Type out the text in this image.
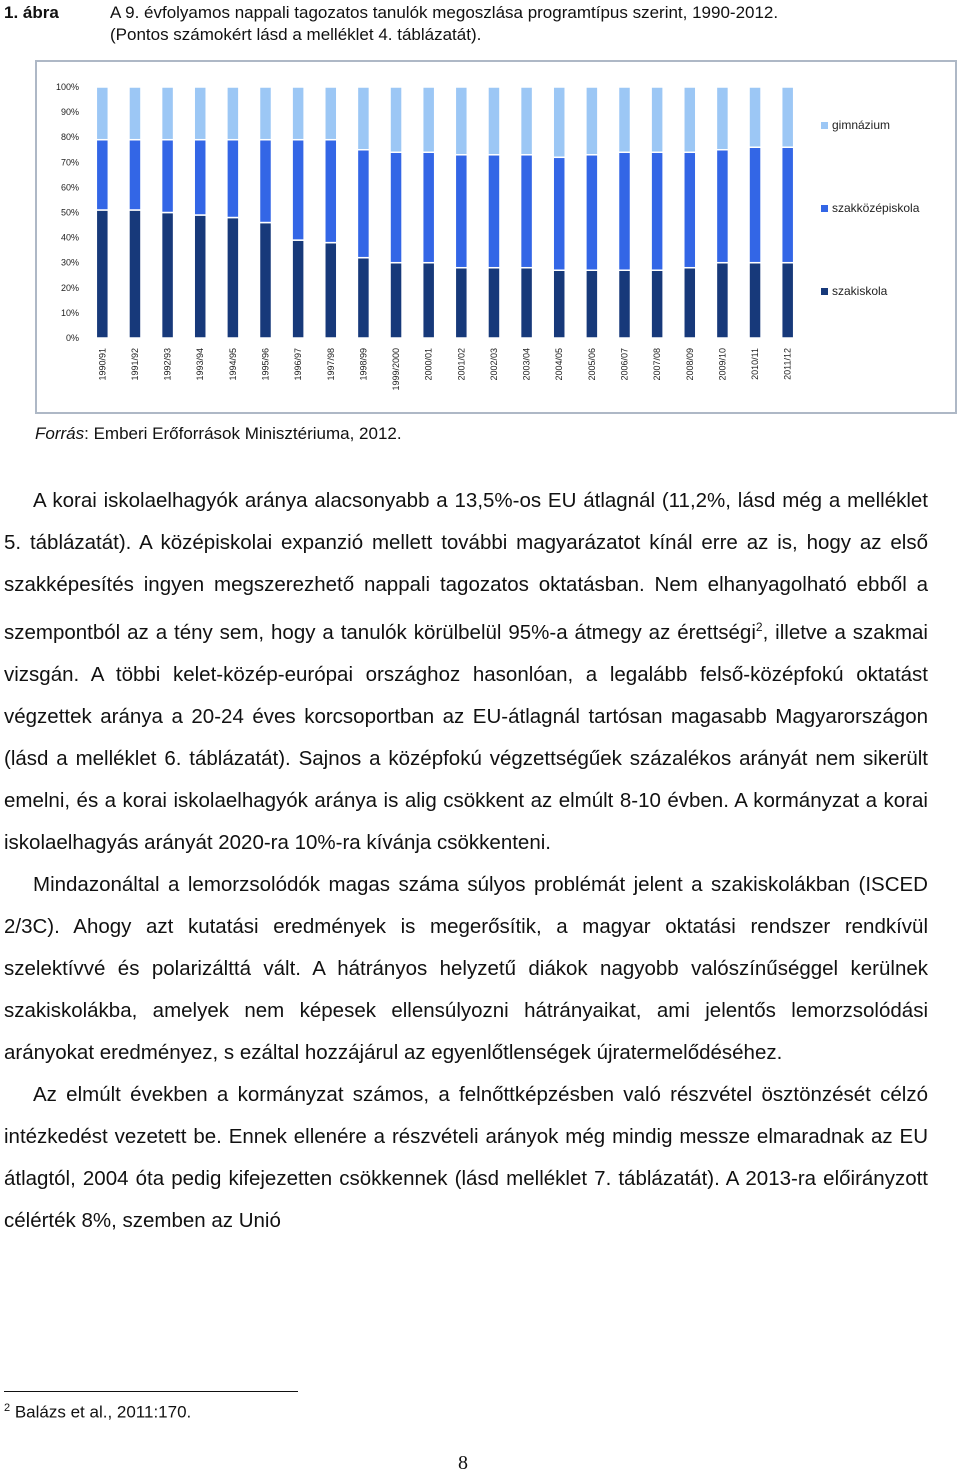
1. ábra	A 9. évfolyamos nappali tagozatos tanulók megoszlása programtípus szerint, 1990-2012.
(Pontos számokért lásd a melléklet 4. táblázatát).
0%
10%
20%
30%
40%
50%
60%
70%
80%
90%
100%
1990/91	1991/92	1992/93	1993/94	1994/95	1995/96	1996/97	1997/98	1998/99	1999/2000	2000/01	2001/02	2002/03	2003/04	2004/05	2005/06	2006/07	2007/08	2008/09	2009/10	2010/11	2011/12
gimnázium
szakközépiskola
szakiskola
Forrás: Emberi Erőforrások Minisztériuma, 2012.

A korai iskolaelhagyók aránya alacsonyabb a 13,5%-os EU átlagnál (11,2%, lásd még a melléklet 5. táblázatát). A középiskolai expanzió mellett további magyarázatot kínál erre az is, hogy az első szakképesítés ingyen megszerezhető nappali tagozatos oktatásban. Nem elhanyagolható ebből a szempontból az a tény sem, hogy a tanulók körülbelül 95%-a átmegy az érettségi$^2$, illetve a szakmai vizsgán. A többi kelet-közép-európai országhoz hasonlóan, a legalább felső-középfokú oktatást végzettek aránya a 20-24 éves korcsoportban az EU-átlagnál tartósan magasabb Magyarországon (lásd a melléklet 6. táblázatát). Sajnos a középfokú végzettségűek százalékos arányát nem sikerült emelni, és a korai iskolaelhagyók aránya is alig csökkent az elmúlt 8-10 évben. A kormányzat a korai iskolaelhagyás arányát 2020-ra 10%-ra kívánja csökkenteni.

Mindazonáltal a lemorzsolódók magas száma súlyos problémát jelent a szakiskolákban (ISCED 2/3C). Ahogy azt kutatási eredmények is megerősítik, a magyar oktatási rendszer rendkívül szelektívvé és polarizálttá vált. A hátrányos helyzetű diákok nagyobb valószínűséggel kerülnek szakiskolákba, amelyek nem képesek ellensúlyozni hátrányaikat, ami jelentős lemorzsolódási arányokat eredményez, s ezáltal hozzájárul az egyenlőtlenségek újratermelődéséhez.

Az elmúlt években a kormányzat számos, a felnőttképzésben való részvétel ösztönzését célzó intézkedést vezetett be. Ennek ellenére a részvételi arányok még mindig messze elmaradnak az EU átlagtól, 2004 óta pedig kifejezetten csökkennek (lásd melléklet 7. táblázatát). A 2013-ra előirányzott célérték 8%, szemben az Unió

$^2$ Balázs et al., 2011:170.
8
